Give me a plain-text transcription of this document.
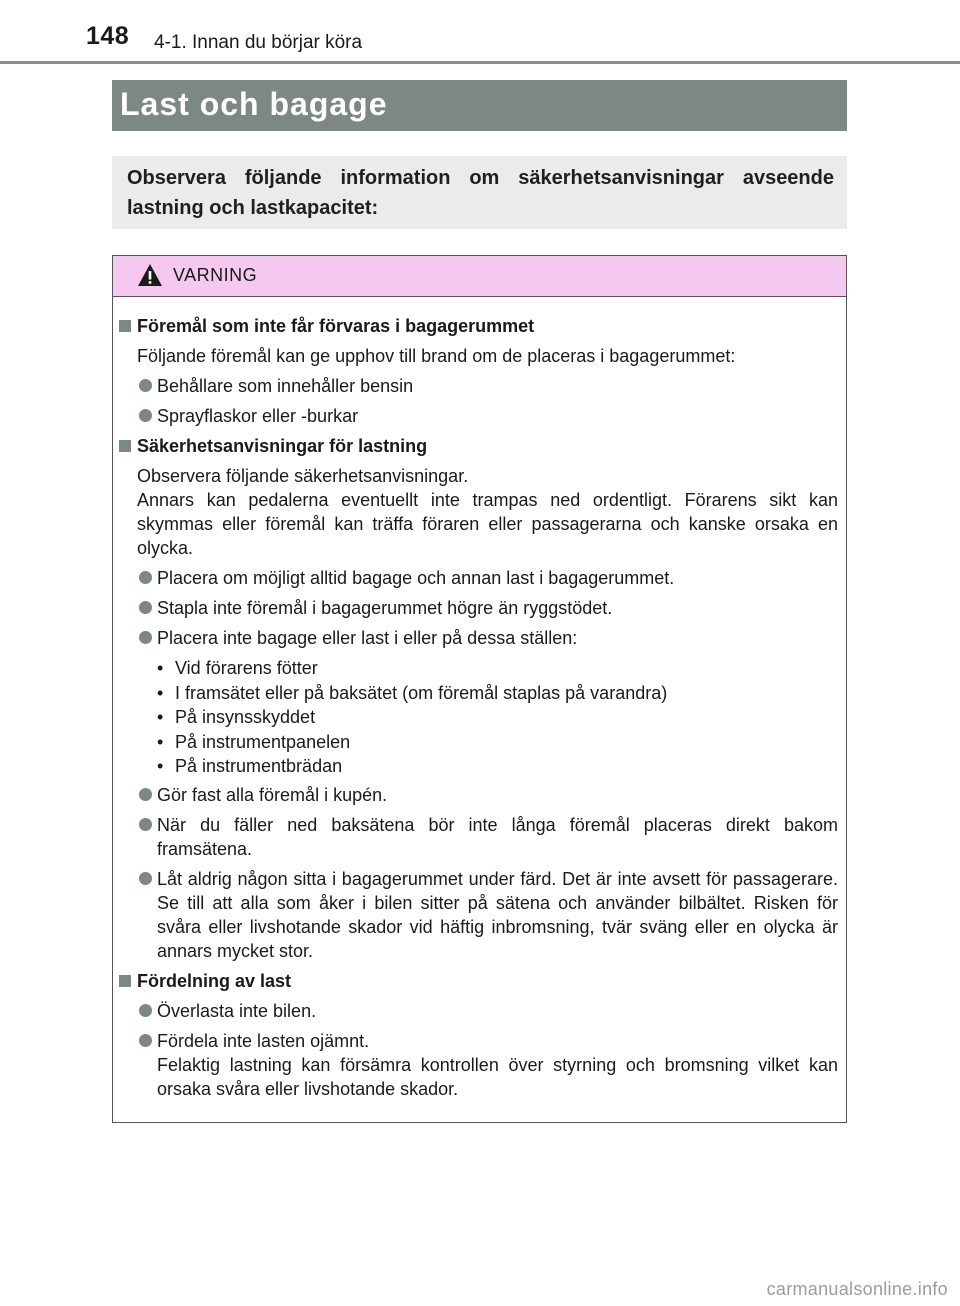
148 4-1. Innan du börjar köra
Last och bagage
Observera följande information om säkerhetsanvisningar avseende lastning och lastkapacitet:
VARNING
Föremål som inte får förvaras i bagagerummet
Följande föremål kan ge upphov till brand om de placeras i bagagerummet:
Behållare som innehåller bensin
Sprayflaskor eller -burkar
Säkerhetsanvisningar för lastning
Observera följande säkerhetsanvisningar.
Annars kan pedalerna eventuellt inte trampas ned ordentligt. Förarens sikt kan skymmas eller föremål kan träffa föraren eller passagerarna och kanske orsaka en olycka.
Placera om möjligt alltid bagage och annan last i bagagerummet.
Stapla inte föremål i bagagerummet högre än ryggstödet.
Placera inte bagage eller last i eller på dessa ställen:
• Vid förarens fötter
• I framsätet eller på baksätet (om föremål staplas på varandra)
• På insynsskyddet
• På instrumentpanelen
• På instrumentbrädan
Gör fast alla föremål i kupén.
När du fäller ned baksätena bör inte långa föremål placeras direkt bakom framsätena.
Låt aldrig någon sitta i bagagerummet under färd. Det är inte avsett för passagerare. Se till att alla som åker i bilen sitter på sätena och använder bilbältet. Risken för svåra eller livshotande skador vid häftig inbromsning, tvär sväng eller en olycka är annars mycket stor.
Fördelning av last
Överlasta inte bilen.
Fördela inte lasten ojämnt.
Felaktig lastning kan försämra kontrollen över styrning och bromsning vilket kan orsaka svåra eller livshotande skador.
carmanualsonline.info
